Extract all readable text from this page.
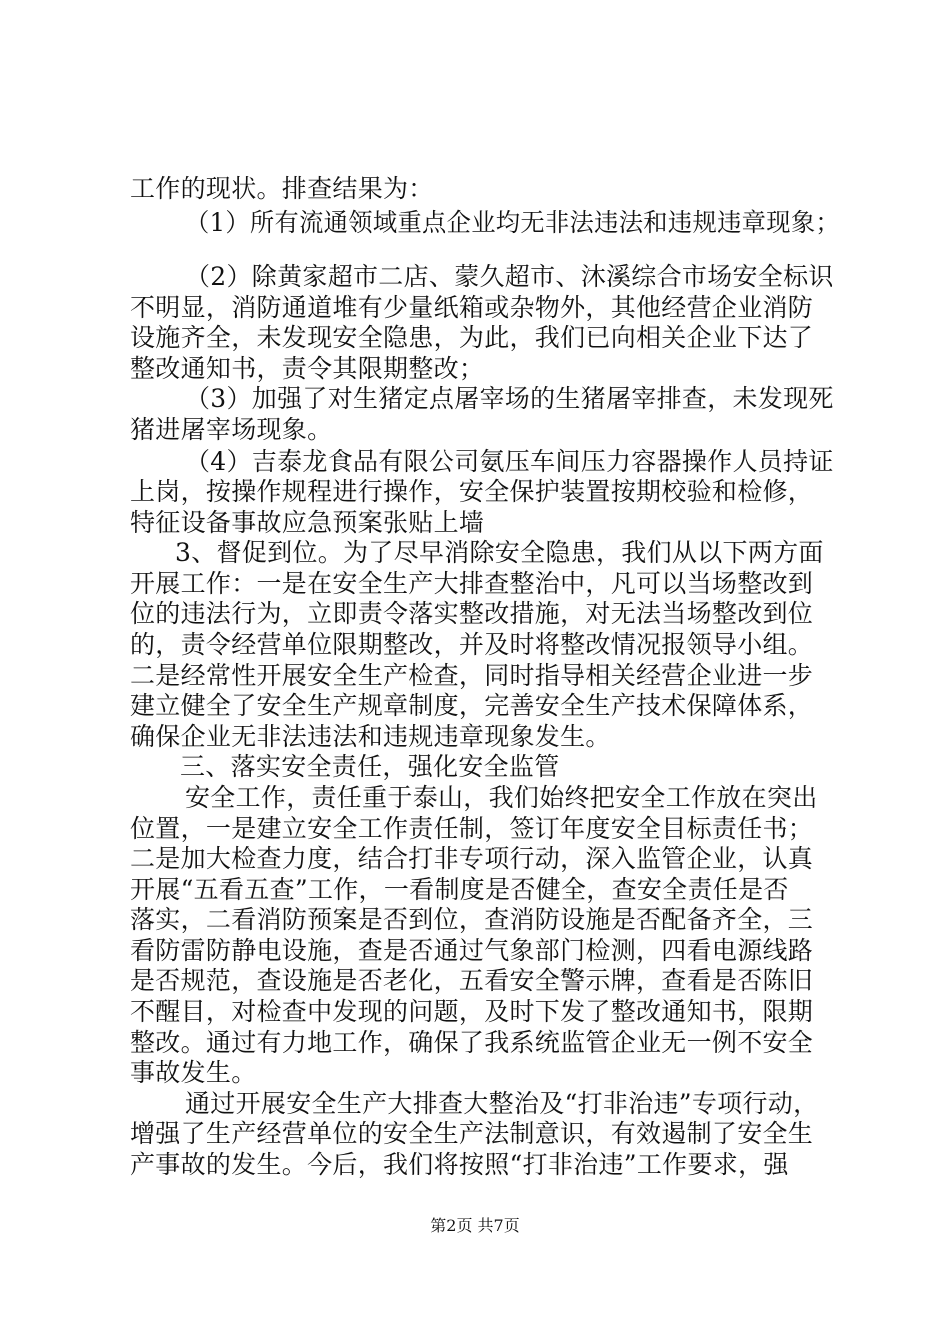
工作的现状。排查结果为：
（1）所有流通领域重点企业均无非法违法和违规违章现象；
（2）除黄家超市二店、蒙久超市、沐溪综合市场安全标识
不明显，消防通道堆有少量纸箱或杂物外，其他经营企业消防
设施齐全，未发现安全隐患，为此，我们已向相关企业下达了
整改通知书，责令其限期整改；
（3）加强了对生猪定点屠宰场的生猪屠宰排查，未发现死
猪进屠宰场现象。
（4）吉泰龙食品有限公司氨压车间压力容器操作人员持证
上岗，按操作规程进行操作，安全保护装置按期校验和检修，
特征设备事故应急预案张贴上墙
3、督促到位。为了尽早消除安全隐患，我们从以下两方面
开展工作：一是在安全生产大排查整治中，凡可以当场整改到
位的违法行为，立即责令落实整改措施，对无法当场整改到位
的，责令经营单位限期整改，并及时将整改情况报领导小组。
二是经常性开展安全生产检查，同时指导相关经营企业进一步
建立健全了安全生产规章制度，完善安全生产技术保障体系，
确保企业无非法违法和违规违章现象发生。
三、落实安全责任，强化安全监管
安全工作，责任重于泰山，我们始终把安全工作放在突出
位置，一是建立安全工作责任制，签订年度安全目标责任书；
二是加大检查力度，结合打非专项行动，深入监管企业，认真
开展“五看五查”工作，一看制度是否健全，查安全责任是否
落实，二看消防预案是否到位，查消防设施是否配备齐全，三
看防雷防静电设施，查是否通过气象部门检测，四看电源线路
是否规范，查设施是否老化，五看安全警示牌，查看是否陈旧
不醒目，对检查中发现的问题，及时下发了整改通知书，限期
整改。通过有力地工作，确保了我系统监管企业无一例不安全
事故发生。
通过开展安全生产大排查大整治及“打非治违”专项行动，
增强了生产经营单位的安全生产法制意识，有效遏制了安全生
产事故的发生。今后，我们将按照“打非治违”工作要求，强
第2页 共7页
